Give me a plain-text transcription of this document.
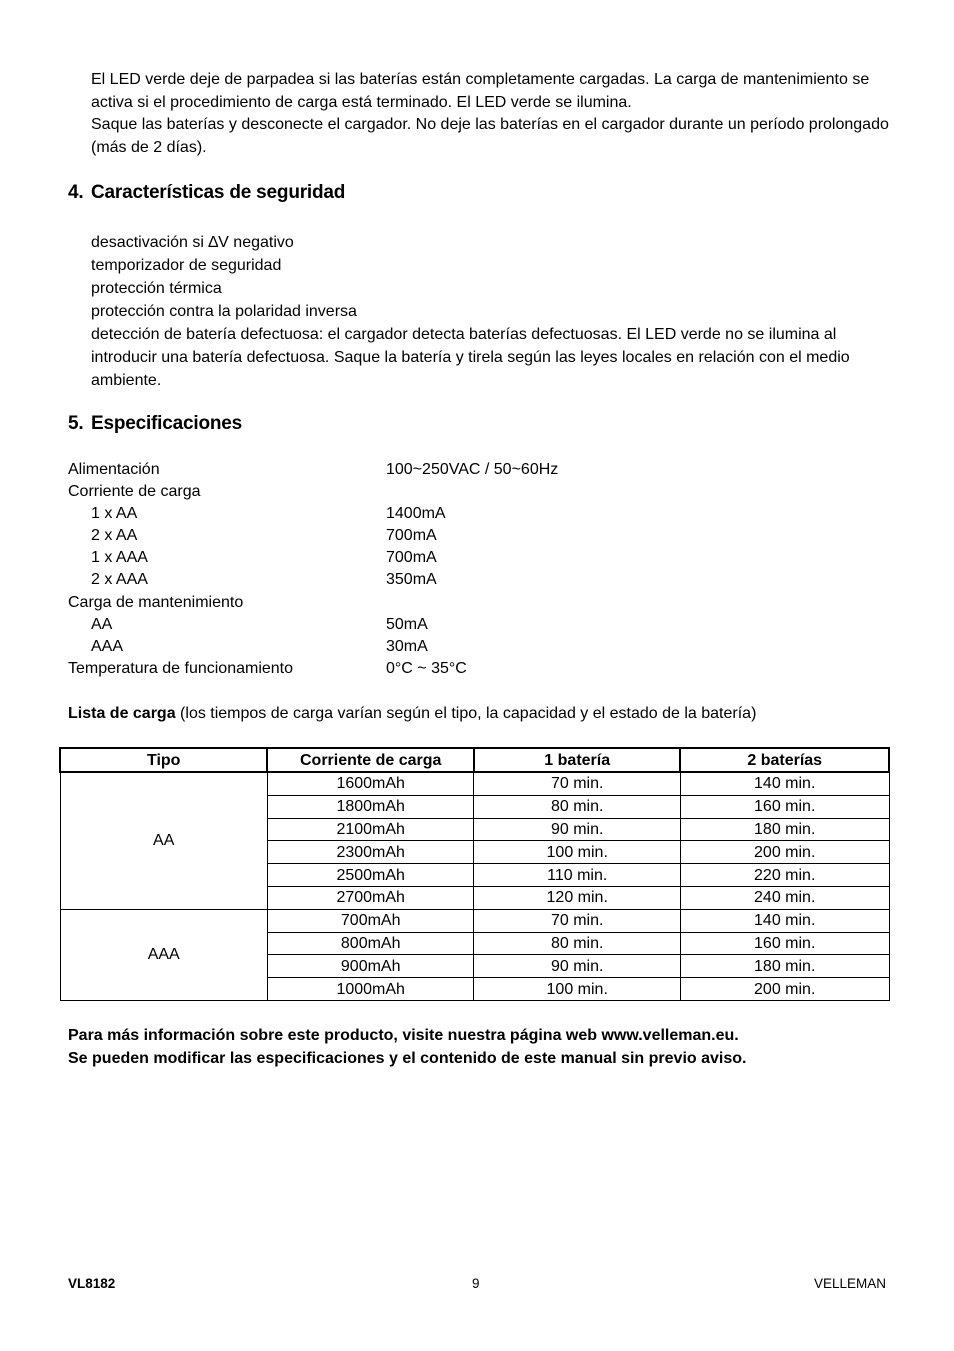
El LED verde deje de parpadea si las baterías están completamente cargadas. La carga de mantenimiento se activa si el procedimiento de carga está terminado. El LED verde se ilumina.

Saque las baterías y desconecte el cargador. No deje las baterías en el cargador durante un período prolongado (más de 2 días).

4. Características de seguridad

desactivación si ∆V negativo

temporizador de seguridad

protección térmica

protección contra la polaridad inversa

detección de batería defectuosa: el cargador detecta baterías defectuosas. El LED verde no se ilumina al introducir una batería defectuosa. Saque la batería y tirela según las leyes locales en relación con el medio ambiente.

5. Especificaciones
Alimentación	100~250VAC / 50~60Hz
Corriente de carga
1 x AA	1400mA
2 x AA	700mA
1 x AAA	700mA
2 x AAA	350mA
Carga de mantenimiento
AA	50mA
AAA	30mA
Temperatura de funcionamiento	0°C ~ 35°C
Lista de carga (los tiempos de carga varían según el tipo, la capacidad y el estado de la batería)
Tipo	Corriente de carga	1 batería	2 baterías
AA	1600mAh	70 min.	140 min.
	1800mAh	80 min.	160 min.
	2100mAh	90 min.	180 min.
	2300mAh	100 min.	200 min.
	2500mAh	110 min.	220 min.
	2700mAh	120 min.	240 min.
AAA	700mAh	70 min.	140 min.
	800mAh	80 min.	160 min.
	900mAh	90 min.	180 min.
	1000mAh	100 min.	200 min.

Para más información sobre este producto, visite nuestra página web www.velleman.eu.

Se pueden modificar las especificaciones y el contenido de este manual sin previo aviso.

VL8182	9	VELLEMAN
